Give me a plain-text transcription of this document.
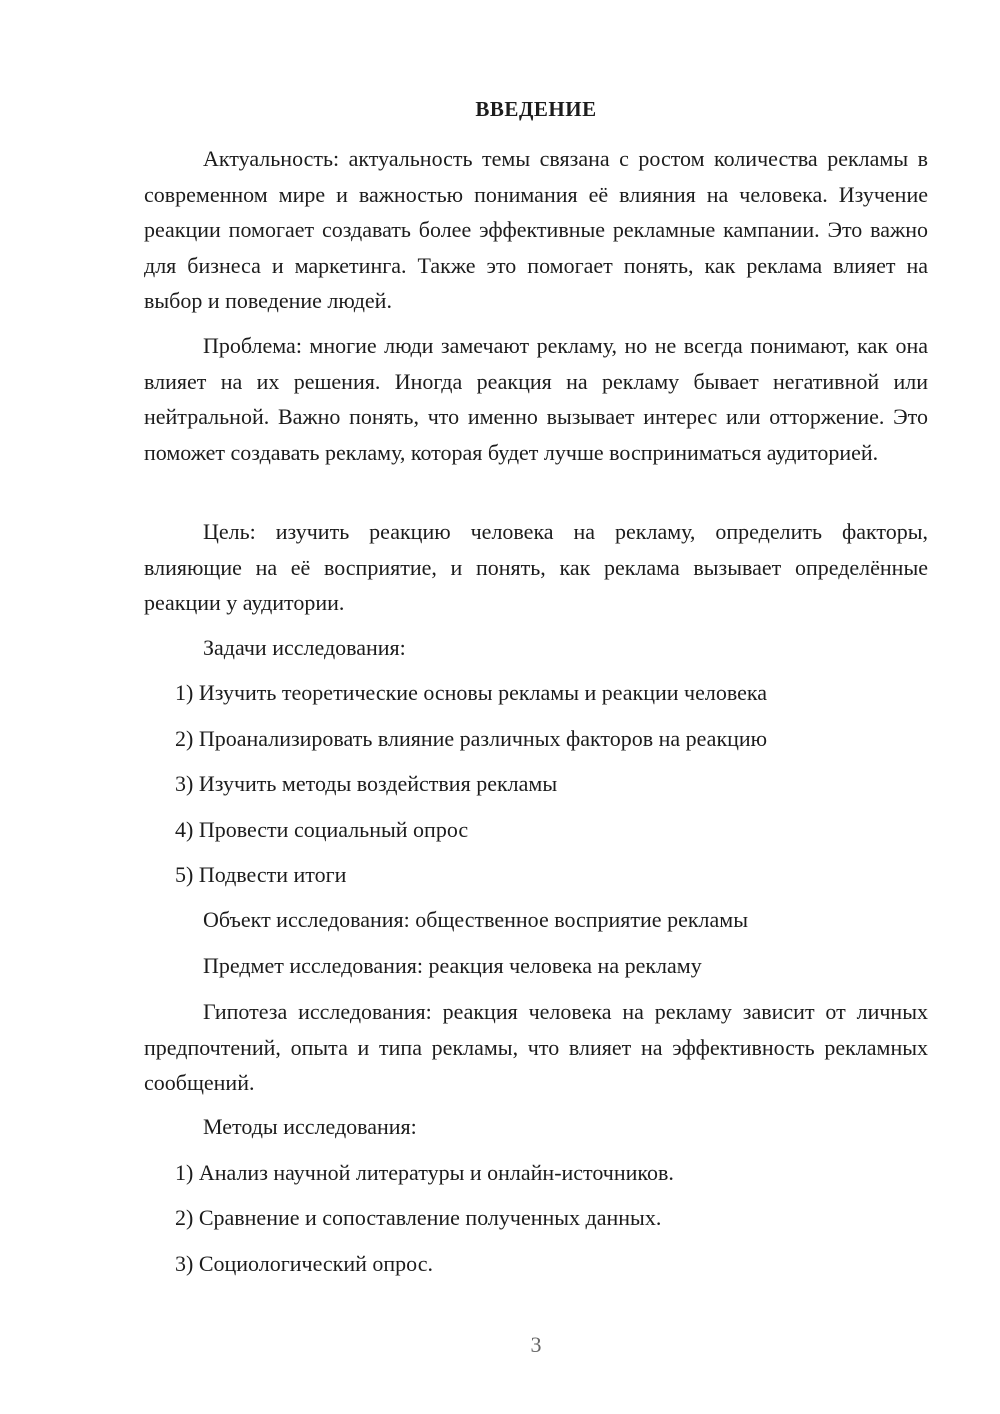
ВВЕДЕНИЕ

Актуальность: актуальность темы связана с ростом количества рекламы в современном мире и важностью понимания её влияния на человека. Изучение реакции помогает создавать более эффективные рекламные кампании. Это важно для бизнеса и маркетинга. Также это помогает понять, как реклама влияет на выбор и поведение людей.

Проблема: многие люди замечают рекламу, но не всегда понимают, как она влияет на их решения. Иногда реакция на рекламу бывает негативной или нейтральной. Важно понять, что именно вызывает интерес или отторжение. Это поможет создавать рекламу, которая будет лучше восприниматься аудиторией.

Цель: изучить реакцию человека на рекламу, определить факторы, влияющие на её восприятие, и понять, как реклама вызывает определённые реакции у аудитории.

Задачи исследования:
1) Изучить теоретические основы рекламы и реакции человека
2) Проанализировать влияние различных факторов на реакцию
3) Изучить методы воздействия рекламы
4) Провести социальный опрос
5) Подвести итоги
Объект исследования: общественное восприятие рекламы
Предмет исследования: реакция человека на рекламу

Гипотеза исследования: реакция человека на рекламу зависит от личных предпочтений, опыта и типа рекламы, что влияет на эффективность рекламных сообщений.

Методы исследования:
1) Анализ научной литературы и онлайн-источников.
2) Сравнение и сопоставление полученных данных.
3) Социологический опрос.
3
